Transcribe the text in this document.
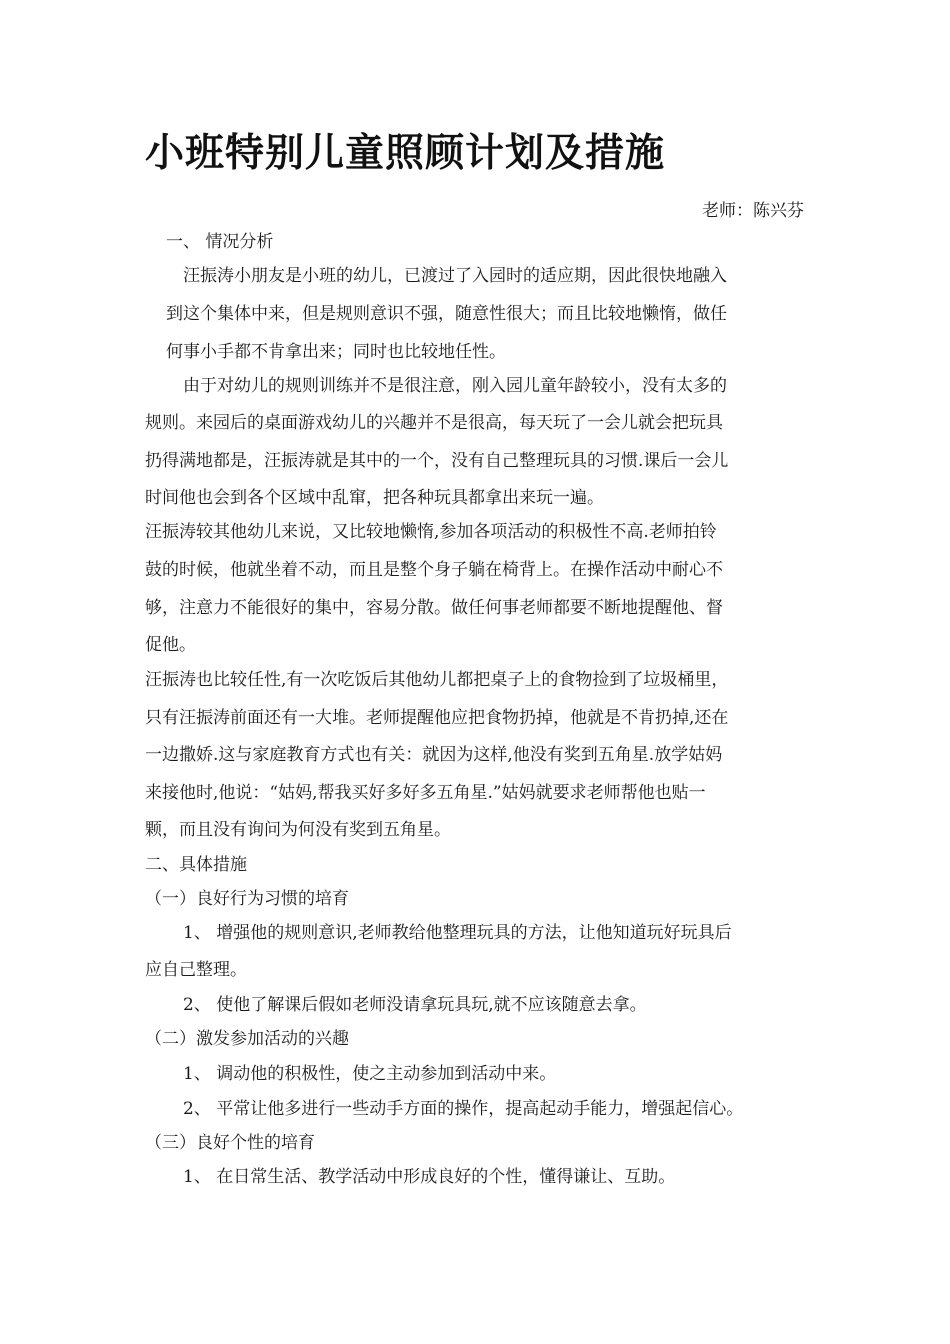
小班特别儿童照顾计划及措施
老师：陈兴芬
一、 情况分析
汪振涛小朋友是小班的幼儿，已渡过了入园时的适应期，因此很快地融入
到这个集体中来，但是规则意识不强，随意性很大；而且比较地懒惰，做任
何事小手都不肯拿出来；同时也比较地任性。
由于对幼儿的规则训练并不是很注意，刚入园儿童年龄较小，没有太多的
规则。来园后的桌面游戏幼儿的兴趣并不是很高，每天玩了一会儿就会把玩具
扔得满地都是，汪振涛就是其中的一个，没有自己整理玩具的习惯.课后一会儿
时间他也会到各个区域中乱窜，把各种玩具都拿出来玩一遍。
汪振涛较其他幼儿来说，又比较地懒惰,参加各项活动的积极性不高.老师拍铃
鼓的时候，他就坐着不动，而且是整个身子躺在椅背上。在操作活动中耐心不
够，注意力不能很好的集中，容易分散。做任何事老师都要不断地提醒他、督
促他。
汪振涛也比较任性,有一次吃饭后其他幼儿都把桌子上的食物捡到了垃圾桶里，
只有汪振涛前面还有一大堆。老师提醒他应把食物扔掉，他就是不肯扔掉,还在
一边撒娇.这与家庭教育方式也有关：就因为这样,他没有奖到五角星.放学姑妈
来接他时,他说：“姑妈,帮我买好多好多五角星.”姑妈就要求老师帮他也贴一
颗，而且没有询问为何没有奖到五角星。
二、具体措施
（一）良好行为习惯的培育
1、 增强他的规则意识,老师教给他整理玩具的方法，让他知道玩好玩具后
应自己整理。
2、 使他了解课后假如老师没请拿玩具玩,就不应该随意去拿。
（二）激发参加活动的兴趣
1、 调动他的积极性，使之主动参加到活动中来。
2、 平常让他多进行一些动手方面的操作，提高起动手能力，增强起信心。
（三）良好个性的培育
1、 在日常生活、教学活动中形成良好的个性，懂得谦让、互助。
